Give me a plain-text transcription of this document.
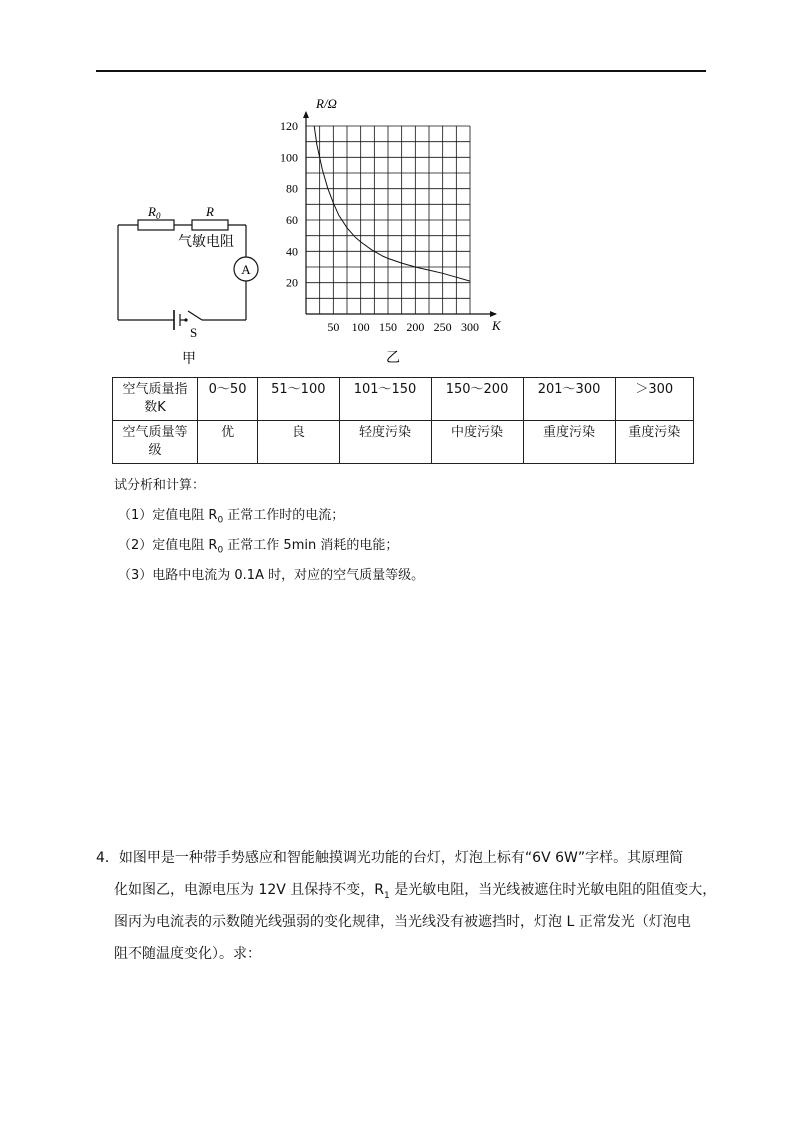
$R_0$	R
气敏电阻
A
S
甲
50 100 150 200 250 300
20
40
60
80
100
120
R/Ω
K
乙
空气质量指数K	0～50	51～100	101～150	150～200	201～300	＞300
空气质量等级	优	良	轻度污染	中度污染	重度污染	重度污染
试分析和计算：
（1）定值电阻 $R_0$ 正常工作时的电流；
（2）定值电阻 $R_0$ 正常工作 5min 消耗的电能；
（3）电路中电流为 0.1A 时，对应的空气质量等级。
4．如图甲是一种带手势感应和智能触摸调光功能的台灯，灯泡上标有“6V 6W”字样。其原理简
化如图乙，电源电压为 12V 且保持不变，$R_1$ 是光敏电阻，当光线被遮住时光敏电阻的阻值变大，
图丙为电流表的示数随光线强弱的变化规律，当光线没有被遮挡时，灯泡 L 正常发光（灯泡电
阻不随温度变化）。求：
